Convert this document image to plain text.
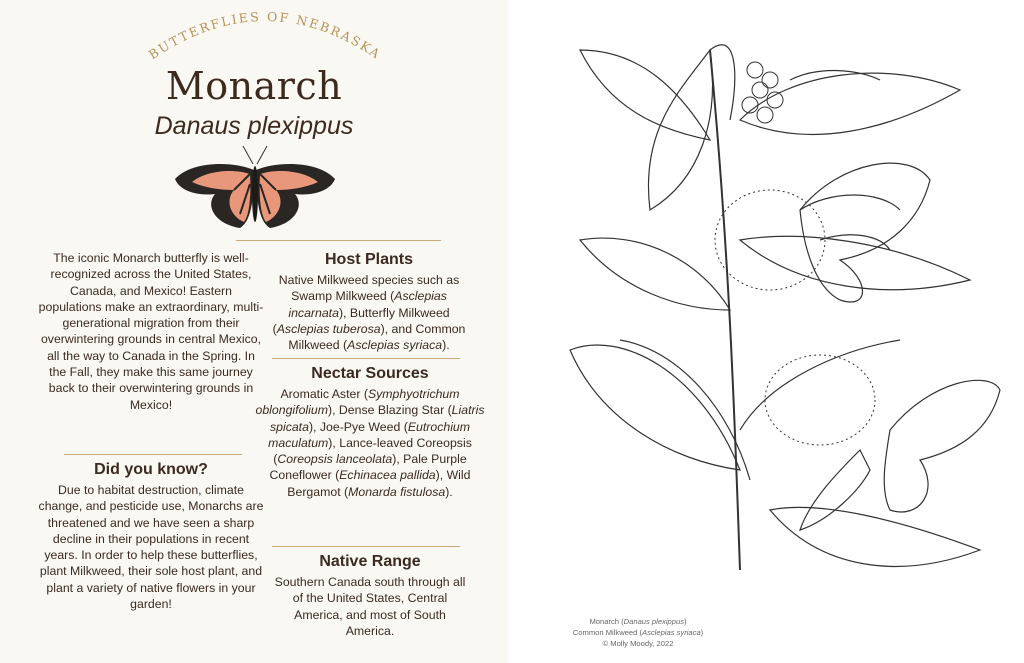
BUTTERFLIES OF NEBRASKA
Monarch
Danaus plexippus

The iconic Monarch butterfly is well-recognized across the United States, Canada, and Mexico! Eastern populations make an extraordinary, multi-generational migration from their overwintering grounds in central Mexico, all the way to Canada in the Spring. In the Fall, they make this same journey back to their overwintering grounds in Mexico!

Did you know?

Due to habitat destruction, climate change, and pesticide use, Monarchs are threatened and we have seen a sharp decline in their populations in recent years. In order to help these butterflies, plant Milkweed, their sole host plant, and plant a variety of native flowers in your garden!

Host Plants

Native Milkweed species such as Swamp Milkweed (Asclepias incarnata), Butterfly Milkweed (Asclepias tuberosa), and Common Milkweed (Asclepias syriaca).

Nectar Sources

Aromatic Aster (Symphyotrichum oblongifolium), Dense Blazing Star (Liatris spicata), Joe-Pye Weed (Eutrochium maculatum), Lance-leaved Coreopsis (Coreopsis lanceolata), Pale Purple Coneflower (Echinacea pallida), Wild Bergamot (Monarda fistulosa).

Native Range

Southern Canada south through all of the United States, Central America, and most of South America.

Monarch (Danaus plexippus)
Common Milkweed (Asclepias syriaca)
© Molly Moody, 2022
